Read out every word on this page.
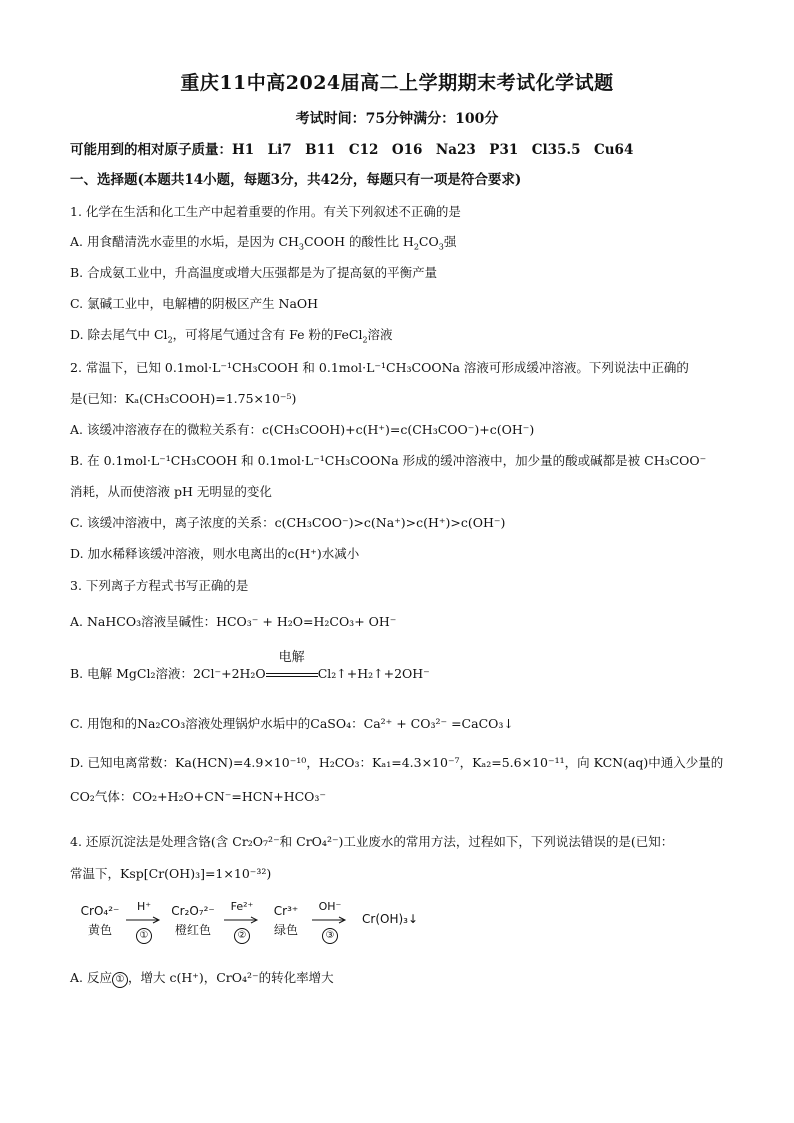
重庆11中高2024届高二上学期期末考试化学试题
考试时间：75分钟满分：100分
可能用到的相对原子质量：H1　Li7　B11　C12　O16　Na23　P31　Cl35.5　Cu64
一、选择题(本题共14小题，每题3分，共42分，每题只有一项是符合要求)
1. 化学在生活和化工生产中起着重要的作用。有关下列叙述不正确的是
A. 用食醋清洗水壶里的水垢，是因为 $CH_3COOH$ 的酸性比 $H_2CO_3$强
B. 合成氨工业中，升高温度或增大压强都是为了提高氨的平衡产量
C. 氯碱工业中，电解槽的阴极区产生 NaOH
D. 除去尾气中 $Cl_2$，可将尾气通过含有 Fe 粉的FeCl$_2$溶液
2. 常温下，已知 0.1mol·L⁻¹CH₃COOH 和 0.1mol·L⁻¹CH₃COONa 溶液可形成缓冲溶液。下列说法中正确的
是(已知：Kₐ(CH₃COOH)=1.75×10⁻⁵)
A. 该缓冲溶液存在的微粒关系有：c(CH₃COOH)+c(H⁺)=c(CH₃COO⁻)+c(OH⁻)
B. 在 0.1mol·L⁻¹CH₃COOH 和 0.1mol·L⁻¹CH₃COONa 形成的缓冲溶液中，加少量的酸或碱都是被 CH₃COO⁻
消耗，从而使溶液 pH 无明显的变化
C. 该缓冲溶液中，离子浓度的关系：c(CH₃COO⁻)>c(Na⁺)>c(H⁺)>c(OH⁻)
D. 加水稀释该缓冲溶液，则水电离出的c(H⁺)水减小
3. 下列离子方程式书写正确的是
A. NaHCO₃溶液呈碱性：HCO₃⁻ + H₂O=H₂CO₃+ OH⁻
B. 电解 MgCl₂溶液：2Cl⁻+2H₂O
电解
Cl₂↑+H₂↑+2OH⁻
C. 用饱和的Na₂CO₃溶液处理锅炉水垢中的CaSO₄：Ca²⁺ + CO₃²⁻ =CaCO₃↓
D. 已知电离常数：Ka(HCN)=4.9×10⁻¹⁰，H₂CO₃：Kₐ₁=4.3×10⁻⁷，Kₐ₂=5.6×10⁻¹¹，向 KCN(aq)中通入少量的
CO₂气体：CO₂+H₂O+CN⁻=HCN+HCO₃⁻
4. 还原沉淀法是处理含铬(含 Cr₂O₇²⁻和 CrO₄²⁻)工业废水的常用方法，过程如下，下列说法错误的是(已知：
常温下，Ksp[Cr(OH)₃]=1×10⁻³²)
CrO₄²⁻
黄色
H⁺
①
Cr₂O₇²⁻
橙红色
Fe²⁺
②
Cr³⁺
绿色
OH⁻
③
Cr(OH)₃↓
A. 反应 ① ，增大 c(H⁺)，CrO₄²⁻的转化率增大
